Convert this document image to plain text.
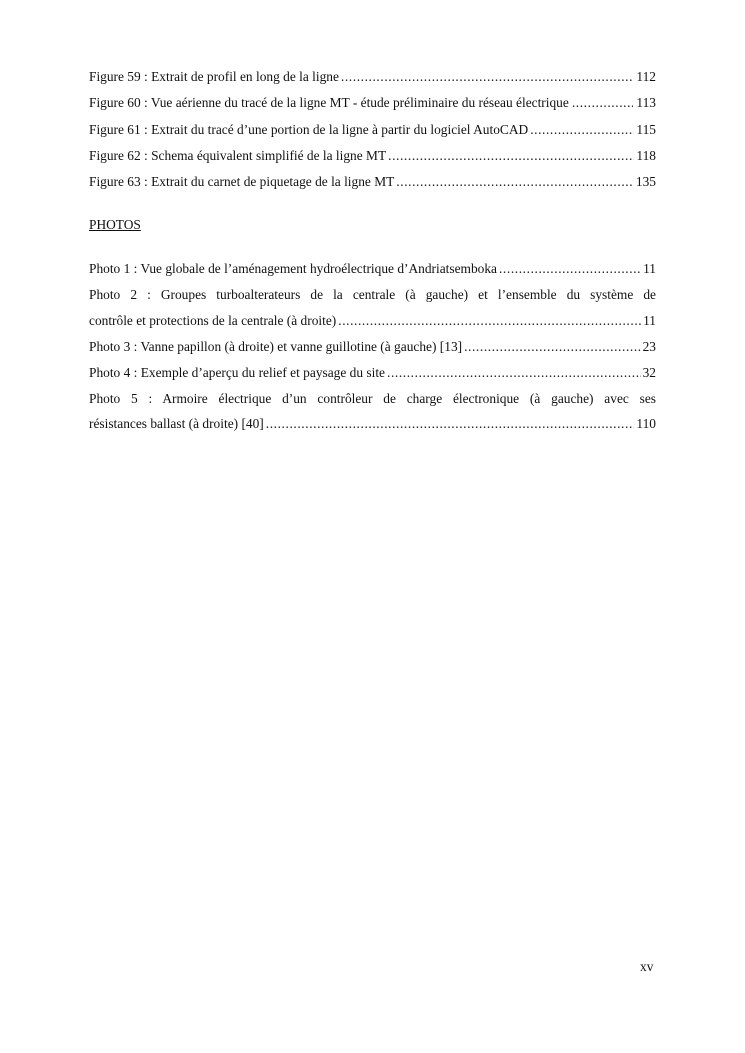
Figure 59 : Extrait de profil en long de la ligne .....	112
Figure 60 : Vue aérienne du tracé de la ligne MT - étude préliminaire du réseau électrique .....	113
Figure 61 : Extrait du tracé d’une portion de la ligne à partir du logiciel AutoCAD .....	115
Figure 62 : Schema équivalent simplifié de la ligne MT .....	118
Figure 63 : Extrait du carnet de piquetage de la ligne MT .....	135
PHOTOS
Photo 1 : Vue globale de l’aménagement hydroélectrique d’Andriatsemboka .....	11
Photo 2 : Groupes turboalterateurs de la centrale (à gauche) et l’ensemble du système de
contrôle et protections de la centrale (à droite) .....	11
Photo 3 : Vanne papillon (à droite) et vanne guillotine (à gauche) [13] .....	23
Photo 4 : Exemple d’aperçu du relief et paysage du site .....	32
Photo 5 : Armoire électrique d’un contrôleur de charge électronique (à gauche) avec ses
résistances ballast (à droite) [40] .....	110
xv
